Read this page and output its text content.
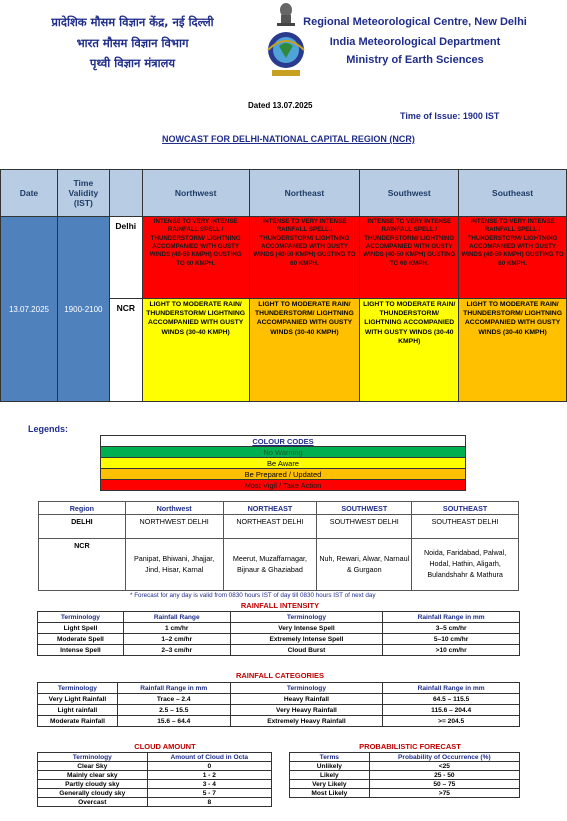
प्रादेशिक मौसम विज्ञान केंद्र, नई दिल्ली
भारत मौसम विज्ञान विभाग
पृथ्वी विज्ञान मंत्रालय
Regional Meteorological Centre, New Delhi
India Meteorological Department
Ministry of Earth Sciences
Dated 13.07.2025
Time of Issue: 1900 IST
NOWCAST FOR DELHI-NATIONAL CAPITAL REGION (NCR)
Date	Time Validity (IST)		Northwest	Northeast	Southwest	Southeast
13.07.2025	1900-2100	Delhi	INTENSE TO VERY INTENSE RAINFALL SPELL / THUNDERSTORM/ LIGHTNING ACCOMPANIED WITH GUSTY WINDS (40-50 KMPH) GUSTING TO 60 KMPH.	INTENSE TO VERY INTENSE RAINFALL SPELL / THUNDERSTORM/ LIGHTNING ACCOMPANIED WITH GUSTY WINDS (40-50 KMPH) GUSTING TO 60 KMPH.	INTENSE TO VERY INTENSE RAINFALL SPELL / THUNDERSTORM/ LIGHTNING ACCOMPANIED WITH GUSTY WINDS (40-50 KMPH) GUSTING TO 60 KMPH.	INTENSE TO VERY INTENSE RAINFALL SPELL / THUNDERSTORM/ LIGHTNING ACCOMPANIED WITH GUSTY WINDS (40-50 KMPH) GUSTING TO 60 KMPH.
		NCR	LIGHT TO MODERATE RAIN/ THUNDERSTORM/ LIGHTNING ACCOMPANIED WITH GUSTY WINDS (30-40 KMPH)	LIGHT TO MODERATE RAIN/ THUNDERSTORM/ LIGHTNING ACCOMPANIED WITH GUSTY WINDS (30-40 KMPH)	LIGHT TO MODERATE RAIN/ THUNDERSTORM/ LIGHTNING ACCOMPANIED WITH GUSTY WINDS (30-40 KMPH)	LIGHT TO MODERATE RAIN/ THUNDERSTORM/ LIGHTNING ACCOMPANIED WITH GUSTY WINDS (30-40 KMPH)
Legends:
COLOUR CODES
No Warning
Be Aware
Be Prepared / Updated
Most Vigil / Take Action
Region	Northwest	NORTHEAST	SOUTHWEST	SOUTHEAST
DELHI	NORTHWEST DELHI	NORTHEAST DELHI	SOUTHWEST DELHI	SOUTHEAST DELHI
NCR	Panipat, Bhiwani, Jhajjar, Jind, Hisar, Karnal	Meerut, Muzaffarnagar, Bijnaur & Ghaziabad	Nuh, Rewari, Alwar, Narnaul & Gurgaon	Noida, Faridabad, Palwal, Hodal, Hathin, Aligarh, Bulandshahr & Mathura
* Forecast for any day is valid from 0830 hours IST of day till 0830 hours IST of next day
RAINFALL INTENSITY
Terminology	Rainfall Range	Terminology	Rainfall Range in mm
Light Spell	1 cm/hr	Very Intense Spell	3–5 cm/hr
Moderate Spell	1–2 cm/hr	Extremely Intense Spell	5–10 cm/hr
Intense Spell	2–3 cm/hr	Cloud Burst	>10 cm/hr
RAINFALL CATEGORIES
Terminology	Rainfall Range in mm	Terminology	Rainfall Range in mm
Very Light Rainfall	Trace – 2.4	Heavy Rainfall	64.5 – 115.5
Light rainfall	2.5 – 15.5	Very Heavy Rainfall	115.6 – 204.4
Moderate Rainfall	15.6 – 64.4	Extremely Heavy Rainfall	>= 204.5
CLOUD AMOUNT
Terminology	Amount of Cloud in Octa
Clear Sky	0
Mainly clear sky	1 - 2
Partly cloudy sky	3 - 4
Generally cloudy sky	5 - 7
Overcast	8
PROBABILISTIC FORECAST
Terms	Probability of Occurrence (%)
Unlikely	<25
Likely	25 - 50
Very Likely	50 – 75
Most Likely	>75
